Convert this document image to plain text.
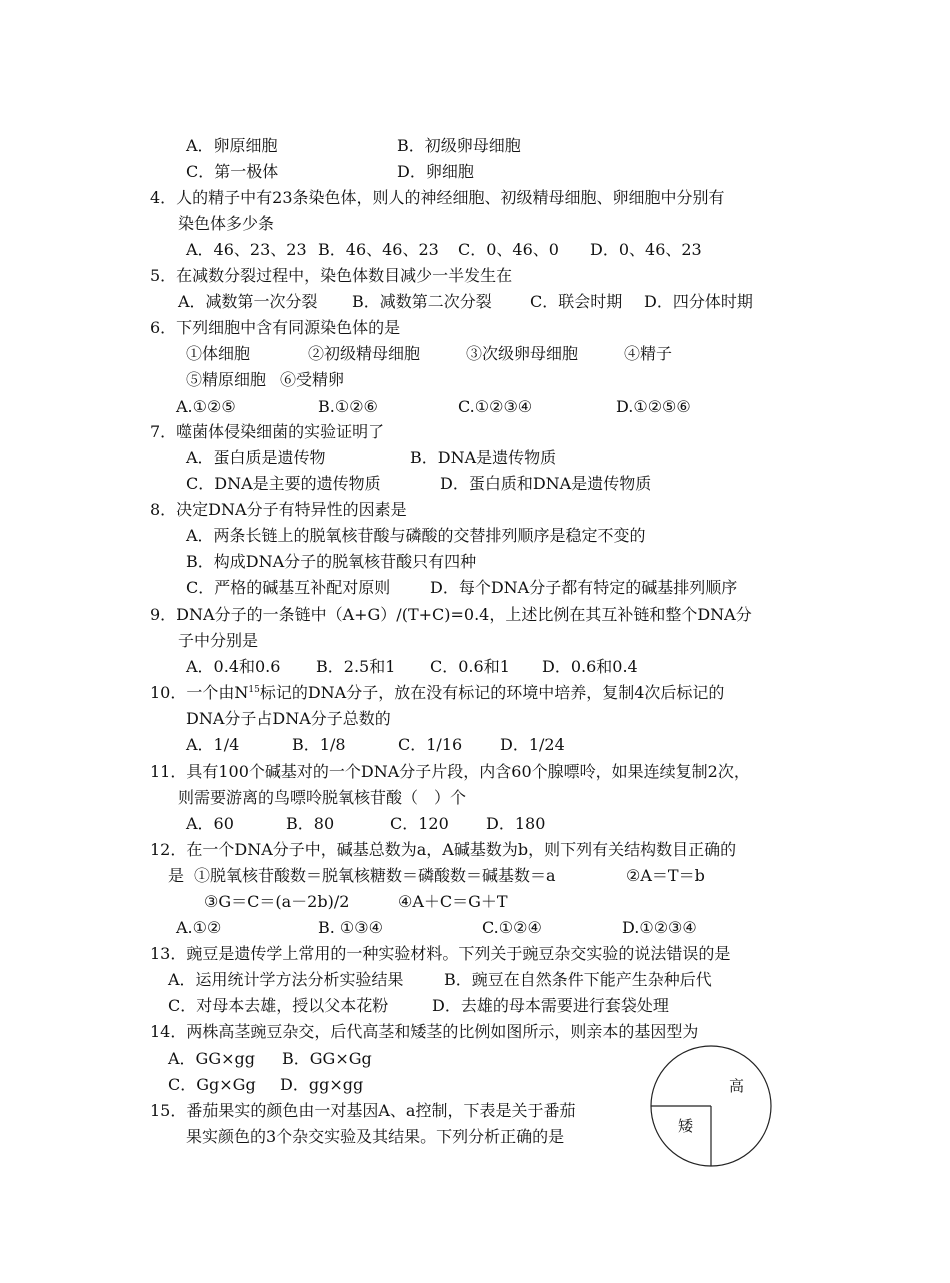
A．卵原细胞	B．初级卵母细胞
C．第一极体	D．卵细胞
4．人的精子中有23条染色体，则人的神经细胞、初级精母细胞、卵细胞中分别有
染色体多少条
A．46、23、23 B．46、46、23 C．0、46、0 D．0、46、23
5．在减数分裂过程中，染色体数目减少一半发生在
A．减数第一次分裂 B．减数第二次分裂 C．联会时期 D．四分体时期
6．下列细胞中含有同源染色体的是
①体细胞	②初级精母细胞	③次级卵母细胞	④精子
⑤精原细胞 ⑥受精卵
A.①②⑤	B.①②⑥	C.①②③④	D.①②⑤⑥
7．噬菌体侵染细菌的实验证明了
A．蛋白质是遗传物	B．DNA是遗传物质
C．DNA是主要的遗传物质	D．蛋白质和DNA是遗传物质
8．决定DNA分子有特异性的因素是
A．两条长链上的脱氧核苷酸与磷酸的交替排列顺序是稳定不变的
B．构成DNA分子的脱氧核苷酸只有四种
C．严格的碱基互补配对原则 D．每个DNA分子都有特定的碱基排列顺序
9．DNA分子的一条链中（A+G）/(T+C)=0.4，上述比例在其互补链和整个DNA分
子中分别是
A．0.4和0.6 B．2.5和1 C．0.6和1 D．0.6和0.4
10．一个由$N^{15}$标记的DNA分子，放在没有标记的环境中培养，复制4次后标记的
DNA分子占DNA分子总数的
A．1/4	B．1/8	C．1/16 D．1/24
11．具有100个碱基对的一个DNA分子片段，内含60个腺嘌呤，如果连续复制2次，
则需要游离的鸟嘌呤脱氧核苷酸（　）个
A．60	B．80	C．120 D．180
12．在一个DNA分子中，碱基总数为a，A碱基数为b，则下列有关结构数目正确的
是 ①脱氧核苷酸数＝脱氧核糖数＝磷酸数＝碱基数＝a	②A＝T＝b
③G＝C＝(a－2b)/2	④A＋C＝G＋T
A.①②	B. ①③④	C.①②④	D.①②③④
13．豌豆是遗传学上常用的一种实验材料。下列关于豌豆杂交实验的说法错误的是
A．运用统计学方法分析实验结果	B．豌豆在自然条件下能产生杂种后代
C．对母本去雄，授以父本花粉	D．去雄的母本需要进行套袋处理
14．两株高茎豌豆杂交，后代高茎和矮茎的比例如图所示，则亲本的基因型为
A．GG×gg B．GG×Gg
C．Gg×Gg D．gg×gg
15．番茄果实的颜色由一对基因A、a控制，下表是关于番茄
果实颜色的3个杂交实验及其结果。下列分析正确的是
高
矮
